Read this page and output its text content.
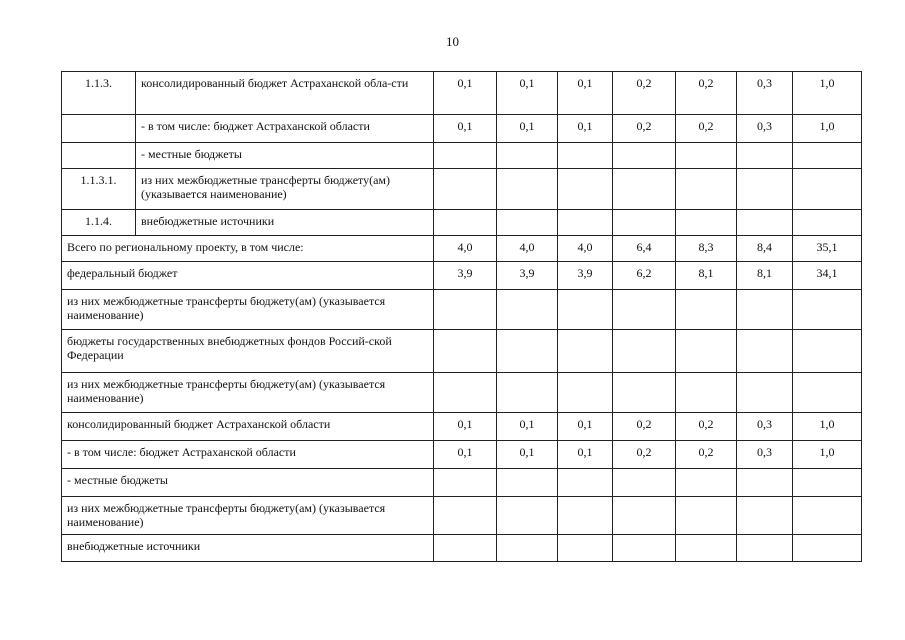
10
1.1.3.	консолидированный бюджет Астраханской обла-сти	0,1	0,1	0,1	0,2	0,2	0,3	1,0
	- в том числе: бюджет Астраханской области	0,1	0,1	0,1	0,2	0,2	0,3	1,0
	- местные бюджеты							
1.1.3.1.	из них межбюджетные трансферты бюджету(ам) (указывается наименование)							
1.1.4.	внебюджетные источники							
Всего по региональному проекту, в том числе:		4,0	4,0	4,0	6,4	8,3	8,4	35,1
федеральный бюджет		3,9	3,9	3,9	6,2	8,1	8,1	34,1
из них межбюджетные трансферты бюджету(ам) (указывается наименование)								
бюджеты государственных внебюджетных фондов Россий-ской Федерации								
из них межбюджетные трансферты бюджету(ам) (указывается наименование)								
консолидированный бюджет Астраханской области		0,1	0,1	0,1	0,2	0,2	0,3	1,0
- в том числе: бюджет Астраханской области		0,1	0,1	0,1	0,2	0,2	0,3	1,0
- местные бюджеты								
из них межбюджетные трансферты бюджету(ам) (указывается наименование)								
внебюджетные источники								
